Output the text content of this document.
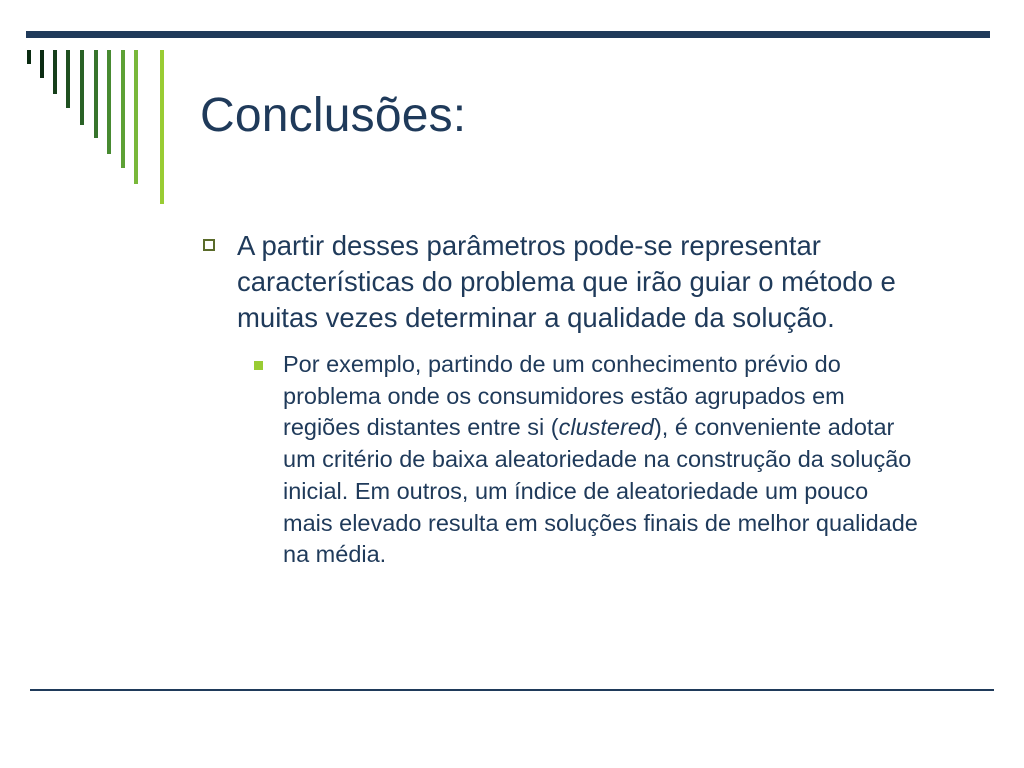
Conclusões:
A partir desses parâmetros pode-se representar características do problema que irão guiar o método e muitas vezes determinar a qualidade da solução.
Por exemplo, partindo de um conhecimento prévio do problema onde os consumidores estão agrupados em regiões distantes entre si (clustered), é conveniente adotar um critério de baixa aleatoriedade na construção da solução inicial. Em outros, um índice de aleatoriedade um pouco mais elevado resulta em soluções finais de melhor qualidade na média.
